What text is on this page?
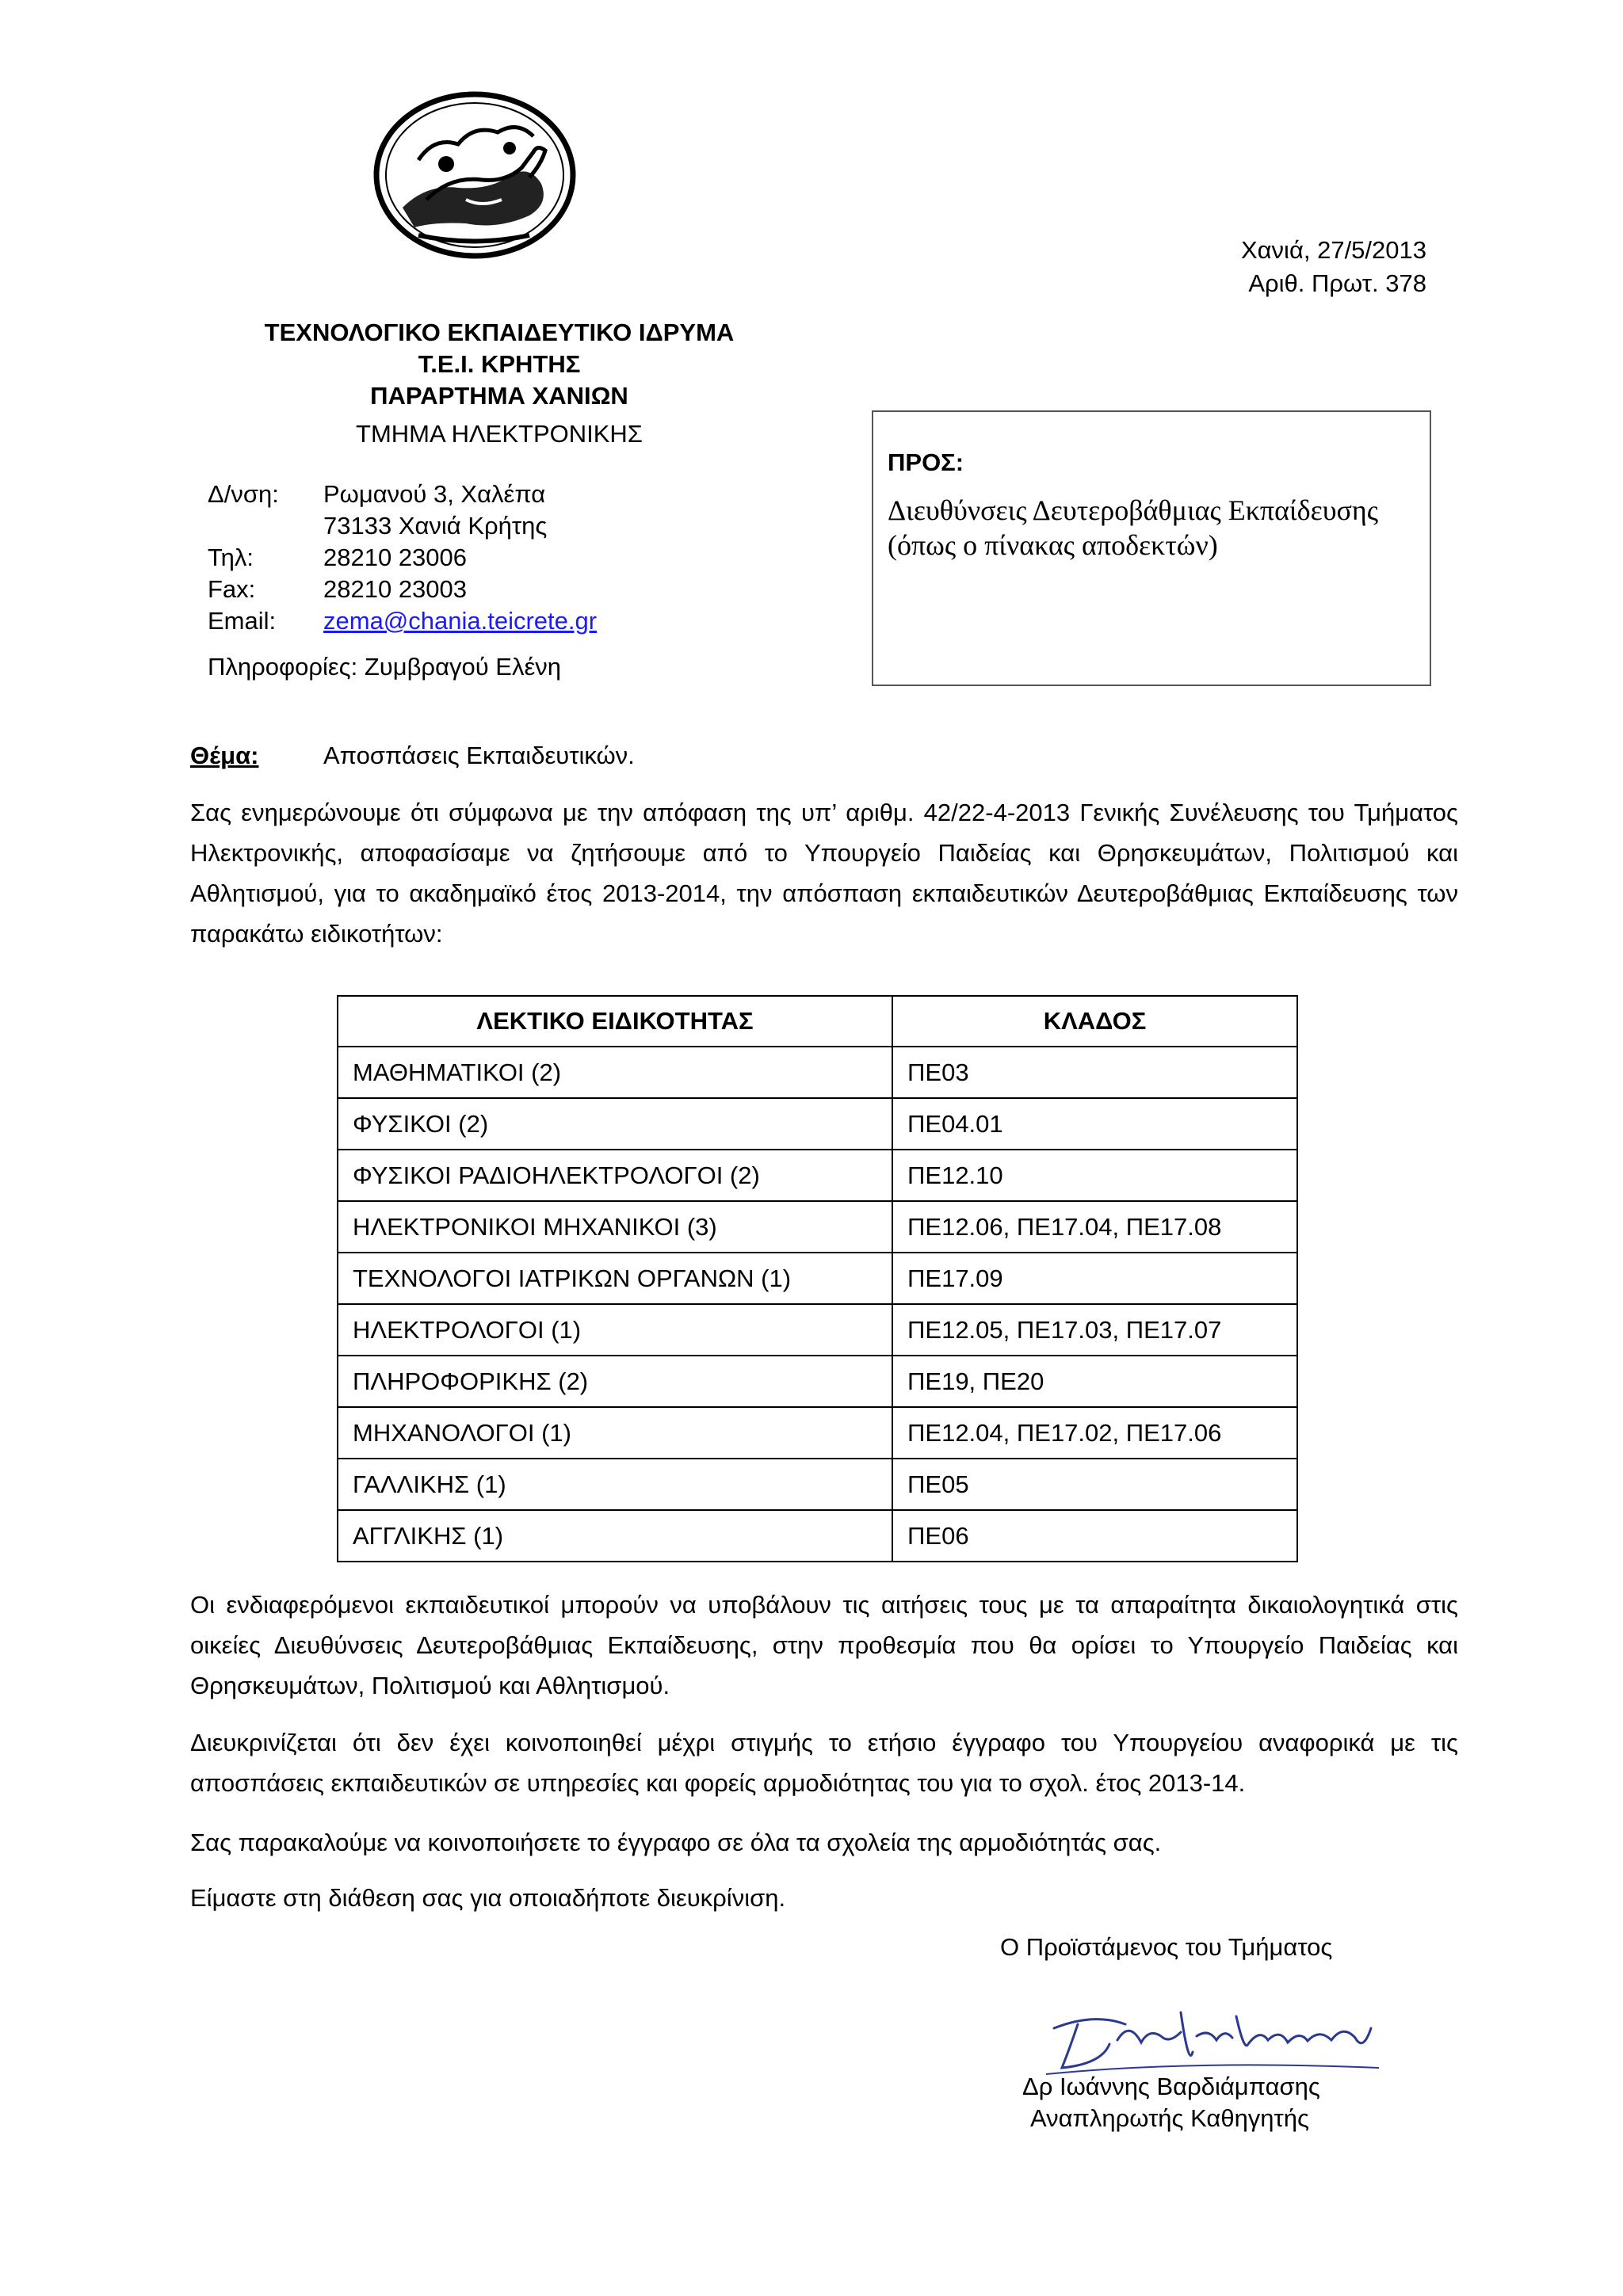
Χανιά, 27/5/2013
Αριθ. Πρωτ. 378
ΤΕΧΝΟΛΟΓΙΚΟ ΕΚΠΑΙΔΕΥΤΙΚΟ ΙΔΡΥΜΑ
Τ.Ε.Ι. ΚΡΗΤΗΣ
ΠΑΡΑΡΤΗΜΑ ΧΑΝΙΩΝ
ΤΜΗΜΑ ΗΛΕΚΤΡΟΝΙΚΗΣ
Δ/νση: Ρωμανού 3, Χαλέπα
73133 Χανιά Κρήτης
Τηλ:	28210 23006
Fax:	28210 23003
Email: zema@chania.teicrete.gr
Πληροφορίες: Ζυμβραγού Ελένη
ΠΡΟΣ:
Διευθύνσεις Δευτεροβάθμιας Εκπαίδευσης
(όπως ο πίνακας αποδεκτών)
Θέμα:	Αποσπάσεις Εκπαιδευτικών.
Σας ενημερώνουμε ότι σύμφωνα με την απόφαση της υπ’ αριθμ. 42/22-4-2013 Γενικής Συνέλευσης του Τμήματος Ηλεκτρονικής, αποφασίσαμε να ζητήσουμε από το Υπουργείο Παιδείας και Θρησκευμάτων, Πολιτισμού και Αθλητισμού, για το ακαδημαϊκό έτος 2013-2014, την απόσπαση εκπαιδευτικών Δευτεροβάθμιας Εκπαίδευσης των παρακάτω ειδικοτήτων:
ΛΕΚΤΙΚΟ ΕΙΔΙΚΟΤΗΤΑΣ	ΚΛΑΔΟΣ
ΜΑΘΗΜΑΤΙΚΟΙ (2)	ΠΕ03
ΦΥΣΙΚΟΙ (2)	ΠΕ04.01
ΦΥΣΙΚΟΙ ΡΑΔΙΟΗΛΕΚΤΡΟΛΟΓΟΙ (2)	ΠΕ12.10
ΗΛΕΚΤΡΟΝΙΚΟΙ ΜΗΧΑΝΙΚΟΙ (3)	ΠΕ12.06, ΠΕ17.04, ΠΕ17.08
ΤΕΧΝΟΛΟΓΟΙ ΙΑΤΡΙΚΩΝ ΟΡΓΑΝΩΝ (1)	ΠΕ17.09
ΗΛΕΚΤΡΟΛΟΓΟΙ (1)	ΠΕ12.05, ΠΕ17.03, ΠΕ17.07
ΠΛΗΡΟΦΟΡΙΚΗΣ (2)	ΠΕ19, ΠΕ20
ΜΗΧΑΝΟΛΟΓΟΙ (1)	ΠΕ12.04, ΠΕ17.02, ΠΕ17.06
ΓΑΛΛΙΚΗΣ (1)	ΠΕ05
ΑΓΓΛΙΚΗΣ (1)	ΠΕ06
Οι ενδιαφερόμενοι εκπαιδευτικοί μπορούν να υποβάλουν τις αιτήσεις τους με τα απαραίτητα δικαιολογητικά στις οικείες Διευθύνσεις Δευτεροβάθμιας Εκπαίδευσης, στην προθεσμία που θα ορίσει το Υπουργείο Παιδείας και Θρησκευμάτων, Πολιτισμού και Αθλητισμού.
Διευκρινίζεται ότι δεν έχει κοινοποιηθεί μέχρι στιγμής το ετήσιο έγγραφο του Υπουργείου αναφορικά με τις αποσπάσεις εκπαιδευτικών σε υπηρεσίες και φορείς αρμοδιότητας του για το σχολ. έτος 2013-14.
Σας παρακαλούμε να κοινοποιήσετε το έγγραφο σε όλα τα σχολεία της αρμοδιότητάς σας.
Είμαστε στη διάθεση σας για οποιαδήποτε διευκρίνιση.
Ο Προϊστάμενος του Τμήματος
Δρ Ιωάννης Βαρδιάμπασης
Αναπληρωτής Καθηγητής
